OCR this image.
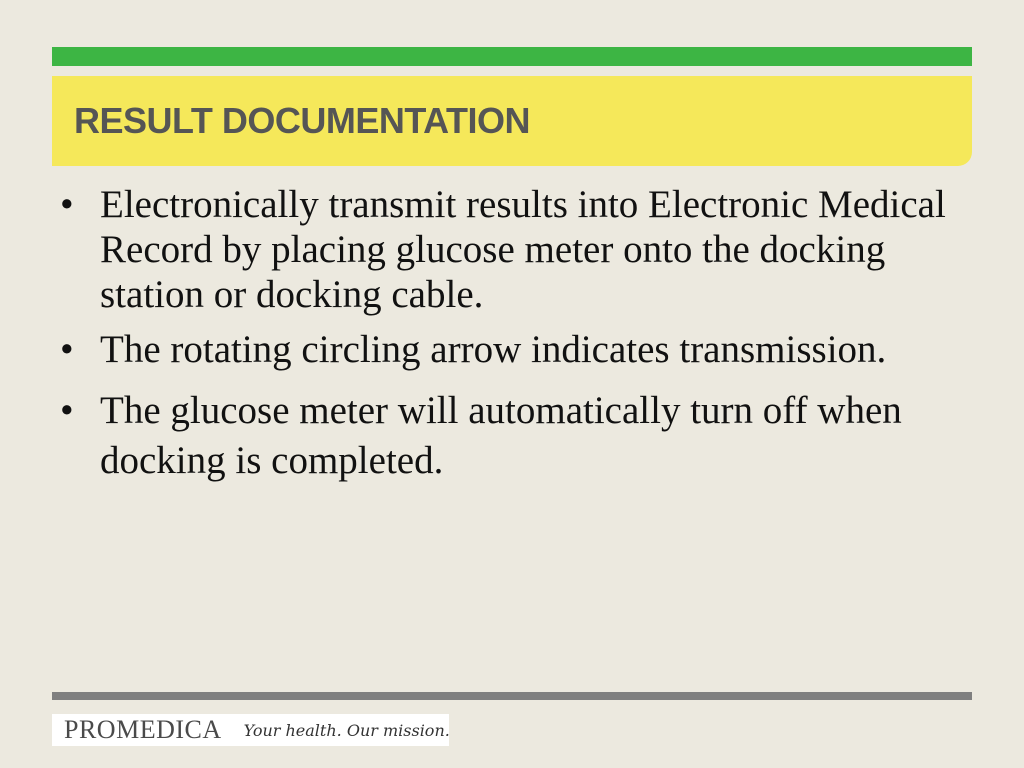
RESULT DOCUMENTATION
• Electronically transmit results into Electronic Medical Record by placing glucose meter onto the docking station or docking cable.
• The rotating circling arrow indicates transmission.
• The glucose meter will automatically turn off when docking is completed.
PROMEDICA Your health. Our mission.
